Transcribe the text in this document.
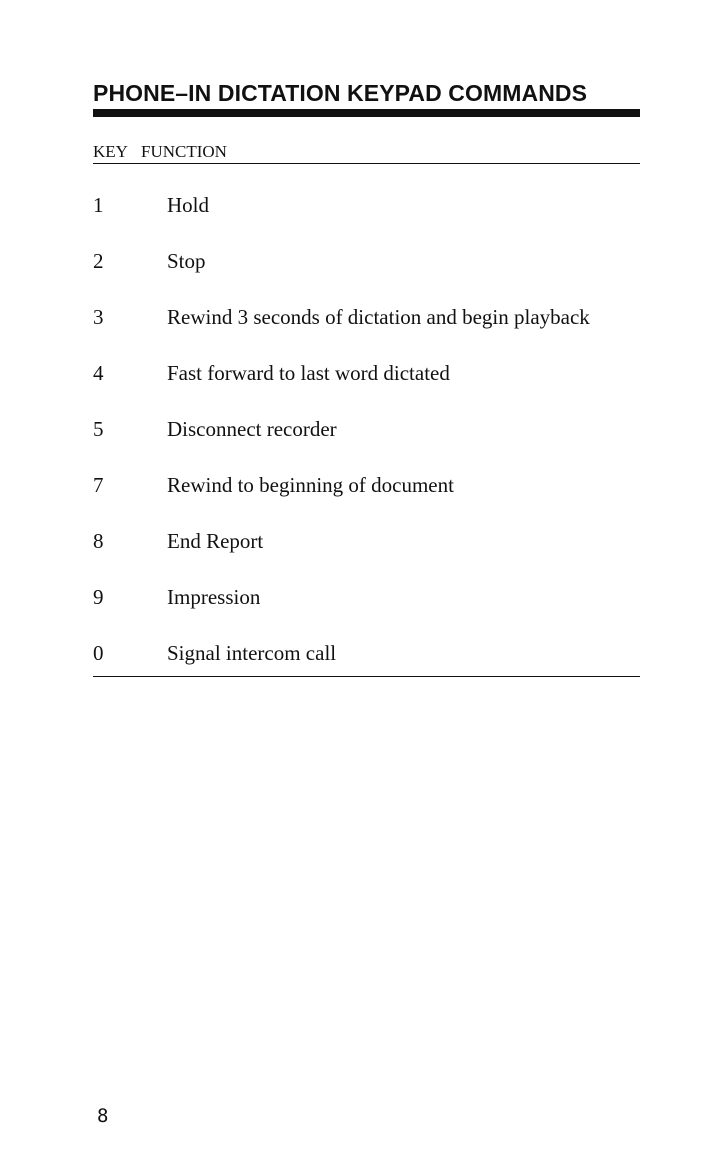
PHONE–IN DICTATION KEYPAD COMMANDS
KEY FUNCTION
1	Hold
2	Stop
3	Rewind 3 seconds of dictation and begin playback
4	Fast forward to last word dictated
5	Disconnect recorder
7	Rewind to beginning of document
8	End Report
9	Impression
0	Signal intercom call
8
